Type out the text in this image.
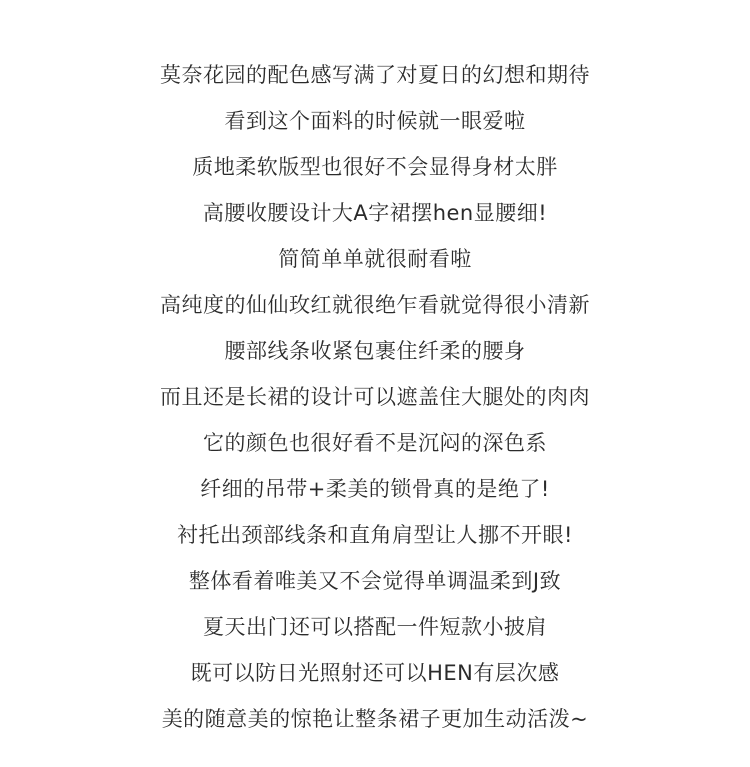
莫奈花园的配色感写满了对夏日的幻想和期待
看到这个面料的时候就一眼爱啦
质地柔软版型也很好不会显得身材太胖
高腰收腰设计大A字裙摆hen显腰细!
简简单单就很耐看啦
高纯度的仙仙玫红就很绝乍看就觉得很小清新
腰部线条收紧包裹住纤柔的腰身
而且还是长裙的设计可以遮盖住大腿处的肉肉
它的颜色也很好看不是沉闷的深色系
纤细的吊带+柔美的锁骨真的是绝了!
衬托出颈部线条和直角肩型让人挪不开眼!
整体看着唯美又不会觉得单调温柔到J致
夏天出门还可以搭配一件短款小披肩
既可以防日光照射还可以HEN有层次感
美的随意美的惊艳让整条裙子更加生动活泼~
